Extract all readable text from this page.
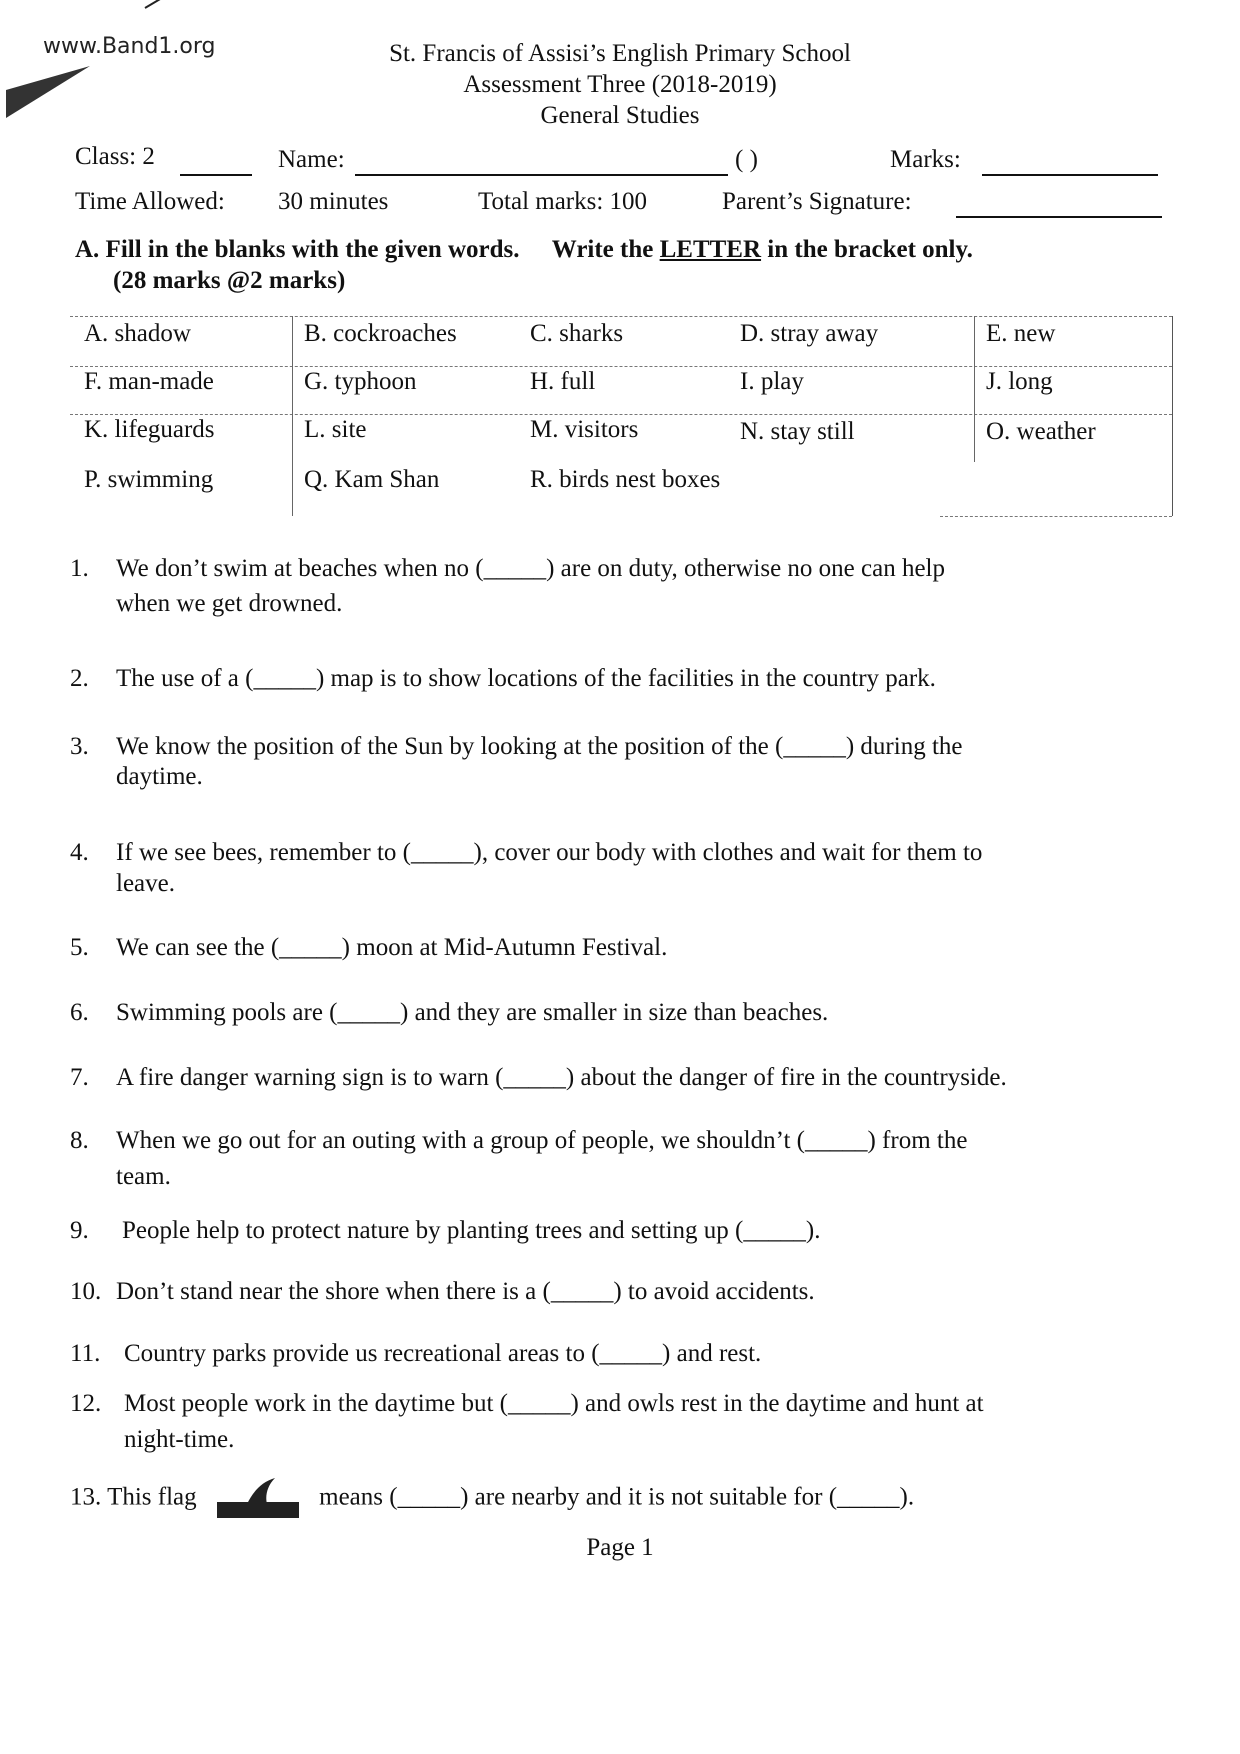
www.Band1.org	St. Francis of Assisi’s English Primary School
Assessment Three (2018-2019)
General Studies
Class: 2	Name:	( )	Marks:
Time Allowed: 30 minutes	Total marks: 100	Parent’s Signature:
A. Fill in the blanks with the given words. Write the LETTER in the bracket only.
(28 marks @2 marks)
A. shadow	B. cockroaches	C. sharks	D. stray away	E. new
F. man-made	G. typhoon	H. full	I. play	J. long
K. lifeguards	L. site	M. visitors	N. stay still	O. weather
P. swimming	Q. Kam Shan	R. birds nest boxes
1. We don’t swim at beaches when no (_____) are on duty, otherwise no one can help
when we get drowned.
2. The use of a (_____) map is to show locations of the facilities in the country park.
3. We know the position of the Sun by looking at the position of the (_____) during the
daytime.
4. If we see bees, remember to (_____), cover our body with clothes and wait for them to
leave.
5. We can see the (_____) moon at Mid-Autumn Festival.
6. Swimming pools are (_____) and they are smaller in size than beaches.
7. A fire danger warning sign is to warn (_____) about the danger of fire in the countryside.
8. When we go out for an outing with a group of people, we shouldn’t (_____) from the
team.
9. People help to protect nature by planting trees and setting up (_____).
10. Don’t stand near the shore when there is a (_____) to avoid accidents.
11. Country parks provide us recreational areas to (_____) and rest.
12. Most people work in the daytime but (_____) and owls rest in the daytime and hunt at
night-time.
13. This flag	means (_____) are nearby and it is not suitable for (_____).
Page 1
